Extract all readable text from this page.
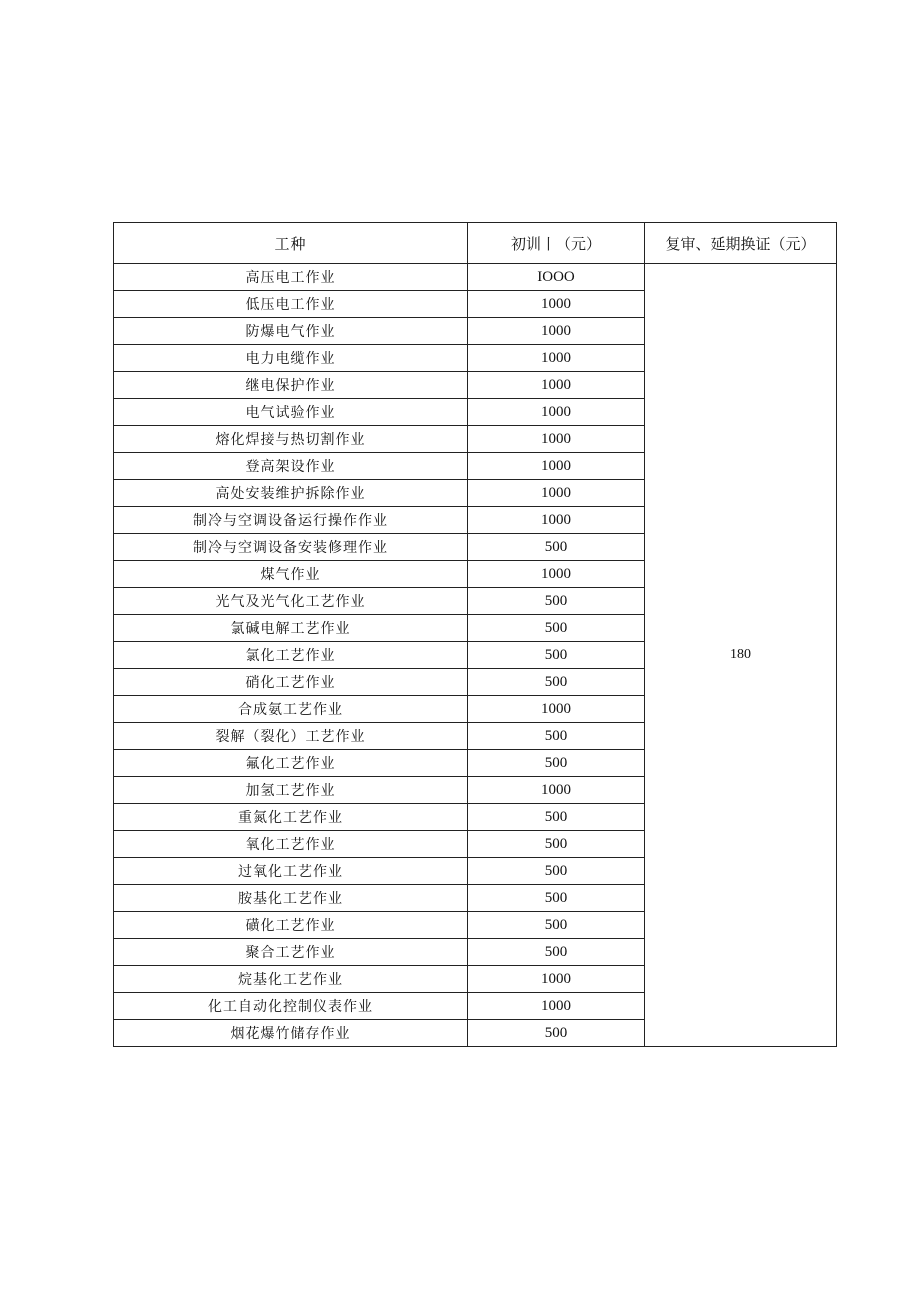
工种	初训丨（元）	复审、延期换证（元）
高压电工作业	IOOO	180
低压电工作业	1000	
防爆电气作业	1000	
电力电缆作业	1000	
继电保护作业	1000	
电气试验作业	1000	
熔化焊接与热切割作业	1000	
登高架设作业	1000	
高处安装维护拆除作业	1000	
制冷与空调设备运行操作作业	1000	
制冷与空调设备安装修理作业	500	
煤气作业	1000	
光气及光气化工艺作业	500	
氯碱电解工艺作业	500	
氯化工艺作业	500	
硝化工艺作业	500	
合成氨工艺作业	1000	
裂解（裂化）工艺作业	500	
氟化工艺作业	500	
加氢工艺作业	1000	
重氮化工艺作业	500	
氧化工艺作业	500	
过氧化工艺作业	500	
胺基化工艺作业	500	
磺化工艺作业	500	
聚合工艺作业	500	
烷基化工艺作业	1000	
化工自动化控制仪表作业	1000	
烟花爆竹储存作业	500	
